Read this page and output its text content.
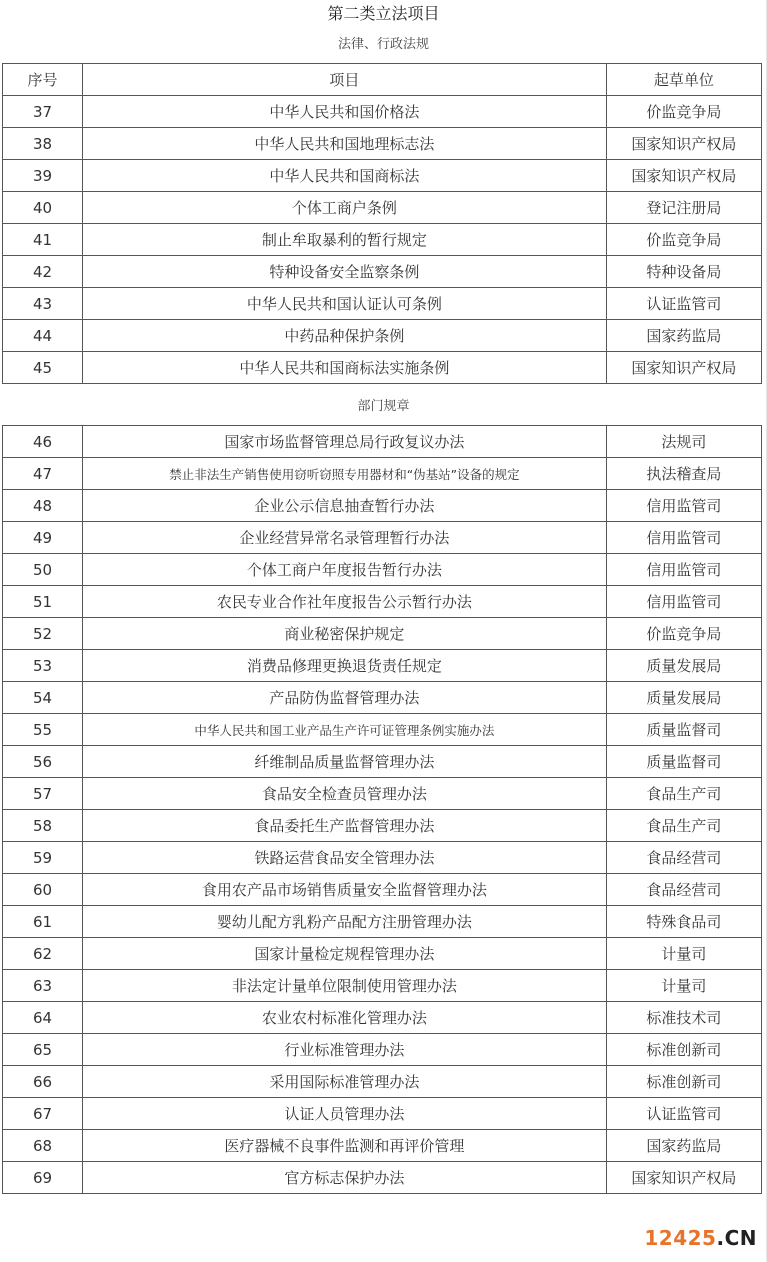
第二类立法项目
法律、行政法规
序号	项目	起草单位
37	中华人民共和国价格法	价监竞争局
38	中华人民共和国地理标志法	国家知识产权局
39	中华人民共和国商标法	国家知识产权局
40	个体工商户条例	登记注册局
41	制止牟取暴利的暂行规定	价监竞争局
42	特种设备安全监察条例	特种设备局
43	中华人民共和国认证认可条例	认证监管司
44	中药品种保护条例	国家药监局
45	中华人民共和国商标法实施条例	国家知识产权局
部门规章
46	国家市场监督管理总局行政复议办法	法规司
47	禁止非法生产销售使用窃听窃照专用器材和“伪基站”设备的规定	执法稽查局
48	企业公示信息抽查暂行办法	信用监管司
49	企业经营异常名录管理暂行办法	信用监管司
50	个体工商户年度报告暂行办法	信用监管司
51	农民专业合作社年度报告公示暂行办法	信用监管司
52	商业秘密保护规定	价监竞争局
53	消费品修理更换退货责任规定	质量发展局
54	产品防伪监督管理办法	质量发展局
55	中华人民共和国工业产品生产许可证管理条例实施办法	质量监督司
56	纤维制品质量监督管理办法	质量监督司
57	食品安全检查员管理办法	食品生产司
58	食品委托生产监督管理办法	食品生产司
59	铁路运营食品安全管理办法	食品经营司
60	食用农产品市场销售质量安全监督管理办法	食品经营司
61	婴幼儿配方乳粉产品配方注册管理办法	特殊食品司
62	国家计量检定规程管理办法	计量司
63	非法定计量单位限制使用管理办法	计量司
64	农业农村标准化管理办法	标准技术司
65	行业标准管理办法	标准创新司
66	采用国际标准管理办法	标准创新司
67	认证人员管理办法	认证监管司
68	医疗器械不良事件监测和再评价管理	国家药监局
69	官方标志保护办法	国家知识产权局
12425.CN
